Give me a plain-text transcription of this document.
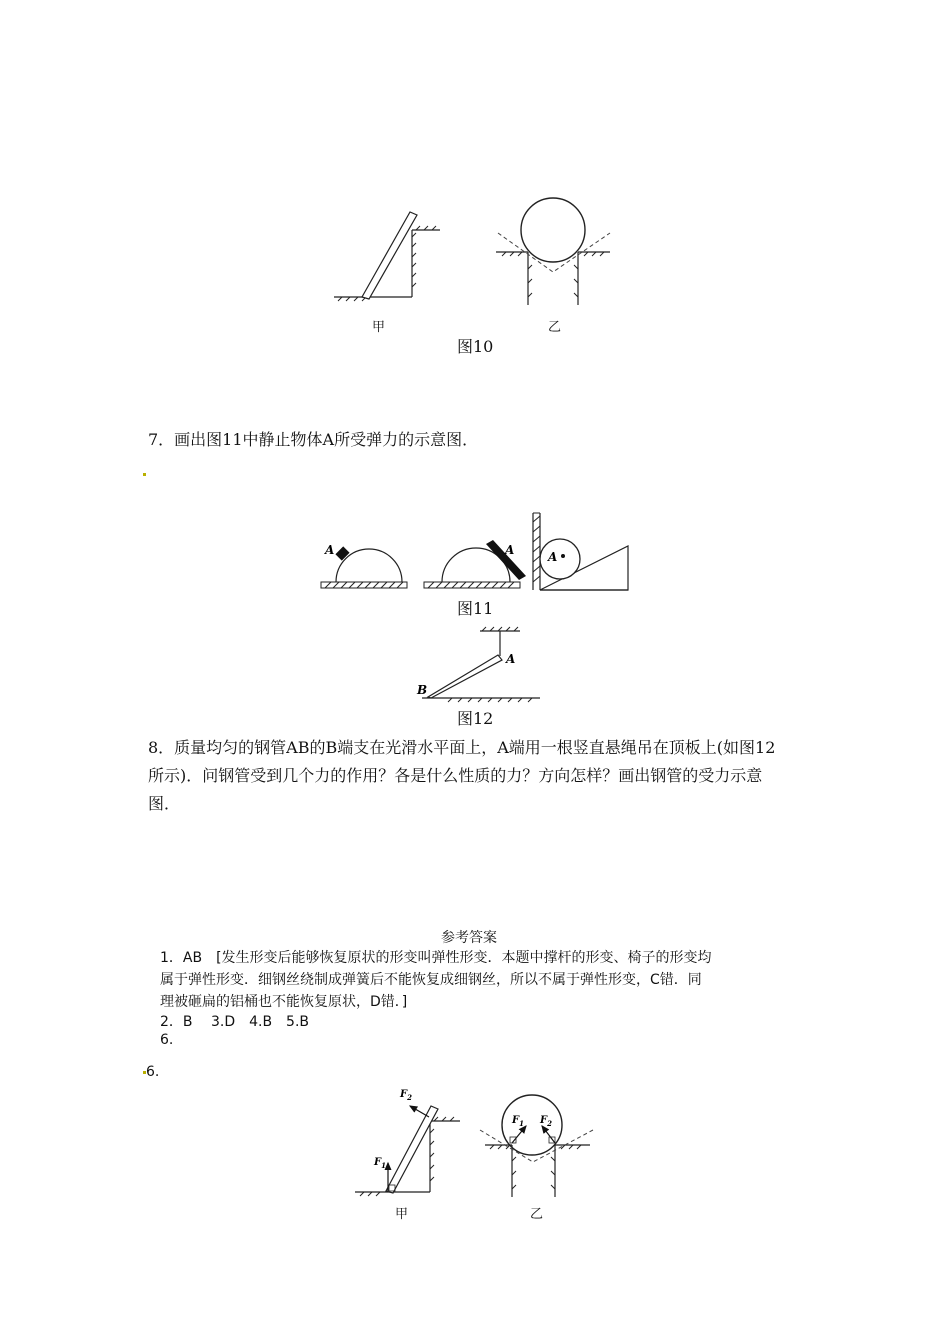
甲	乙
图10
7．画出图11中静止物体A所受弹力的示意图．
A	A	A
图11
A
B
图12
8．质量均匀的钢管AB的B端支在光滑水平面上，A端用一根竖直悬绳吊在顶板上(如图12
所示)．问钢管受到几个力的作用？各是什么性质的力？方向怎样？画出钢管的受力示意
图．
参考答案
1．AB　[发生形变后能够恢复原状的形变叫弹性形变．本题中撑杆的形变、椅子的形变均
属于弹性形变．细钢丝绕制成弹簧后不能恢复成细钢丝，所以不属于弹性形变，C错．同
理被砸扁的铝桶也不能恢复原状，D错．]
2．B　 3.D　4.B　5.B
6.
6.
$F_1$
$F_2$
$F_1$ $F_2$
甲	乙
